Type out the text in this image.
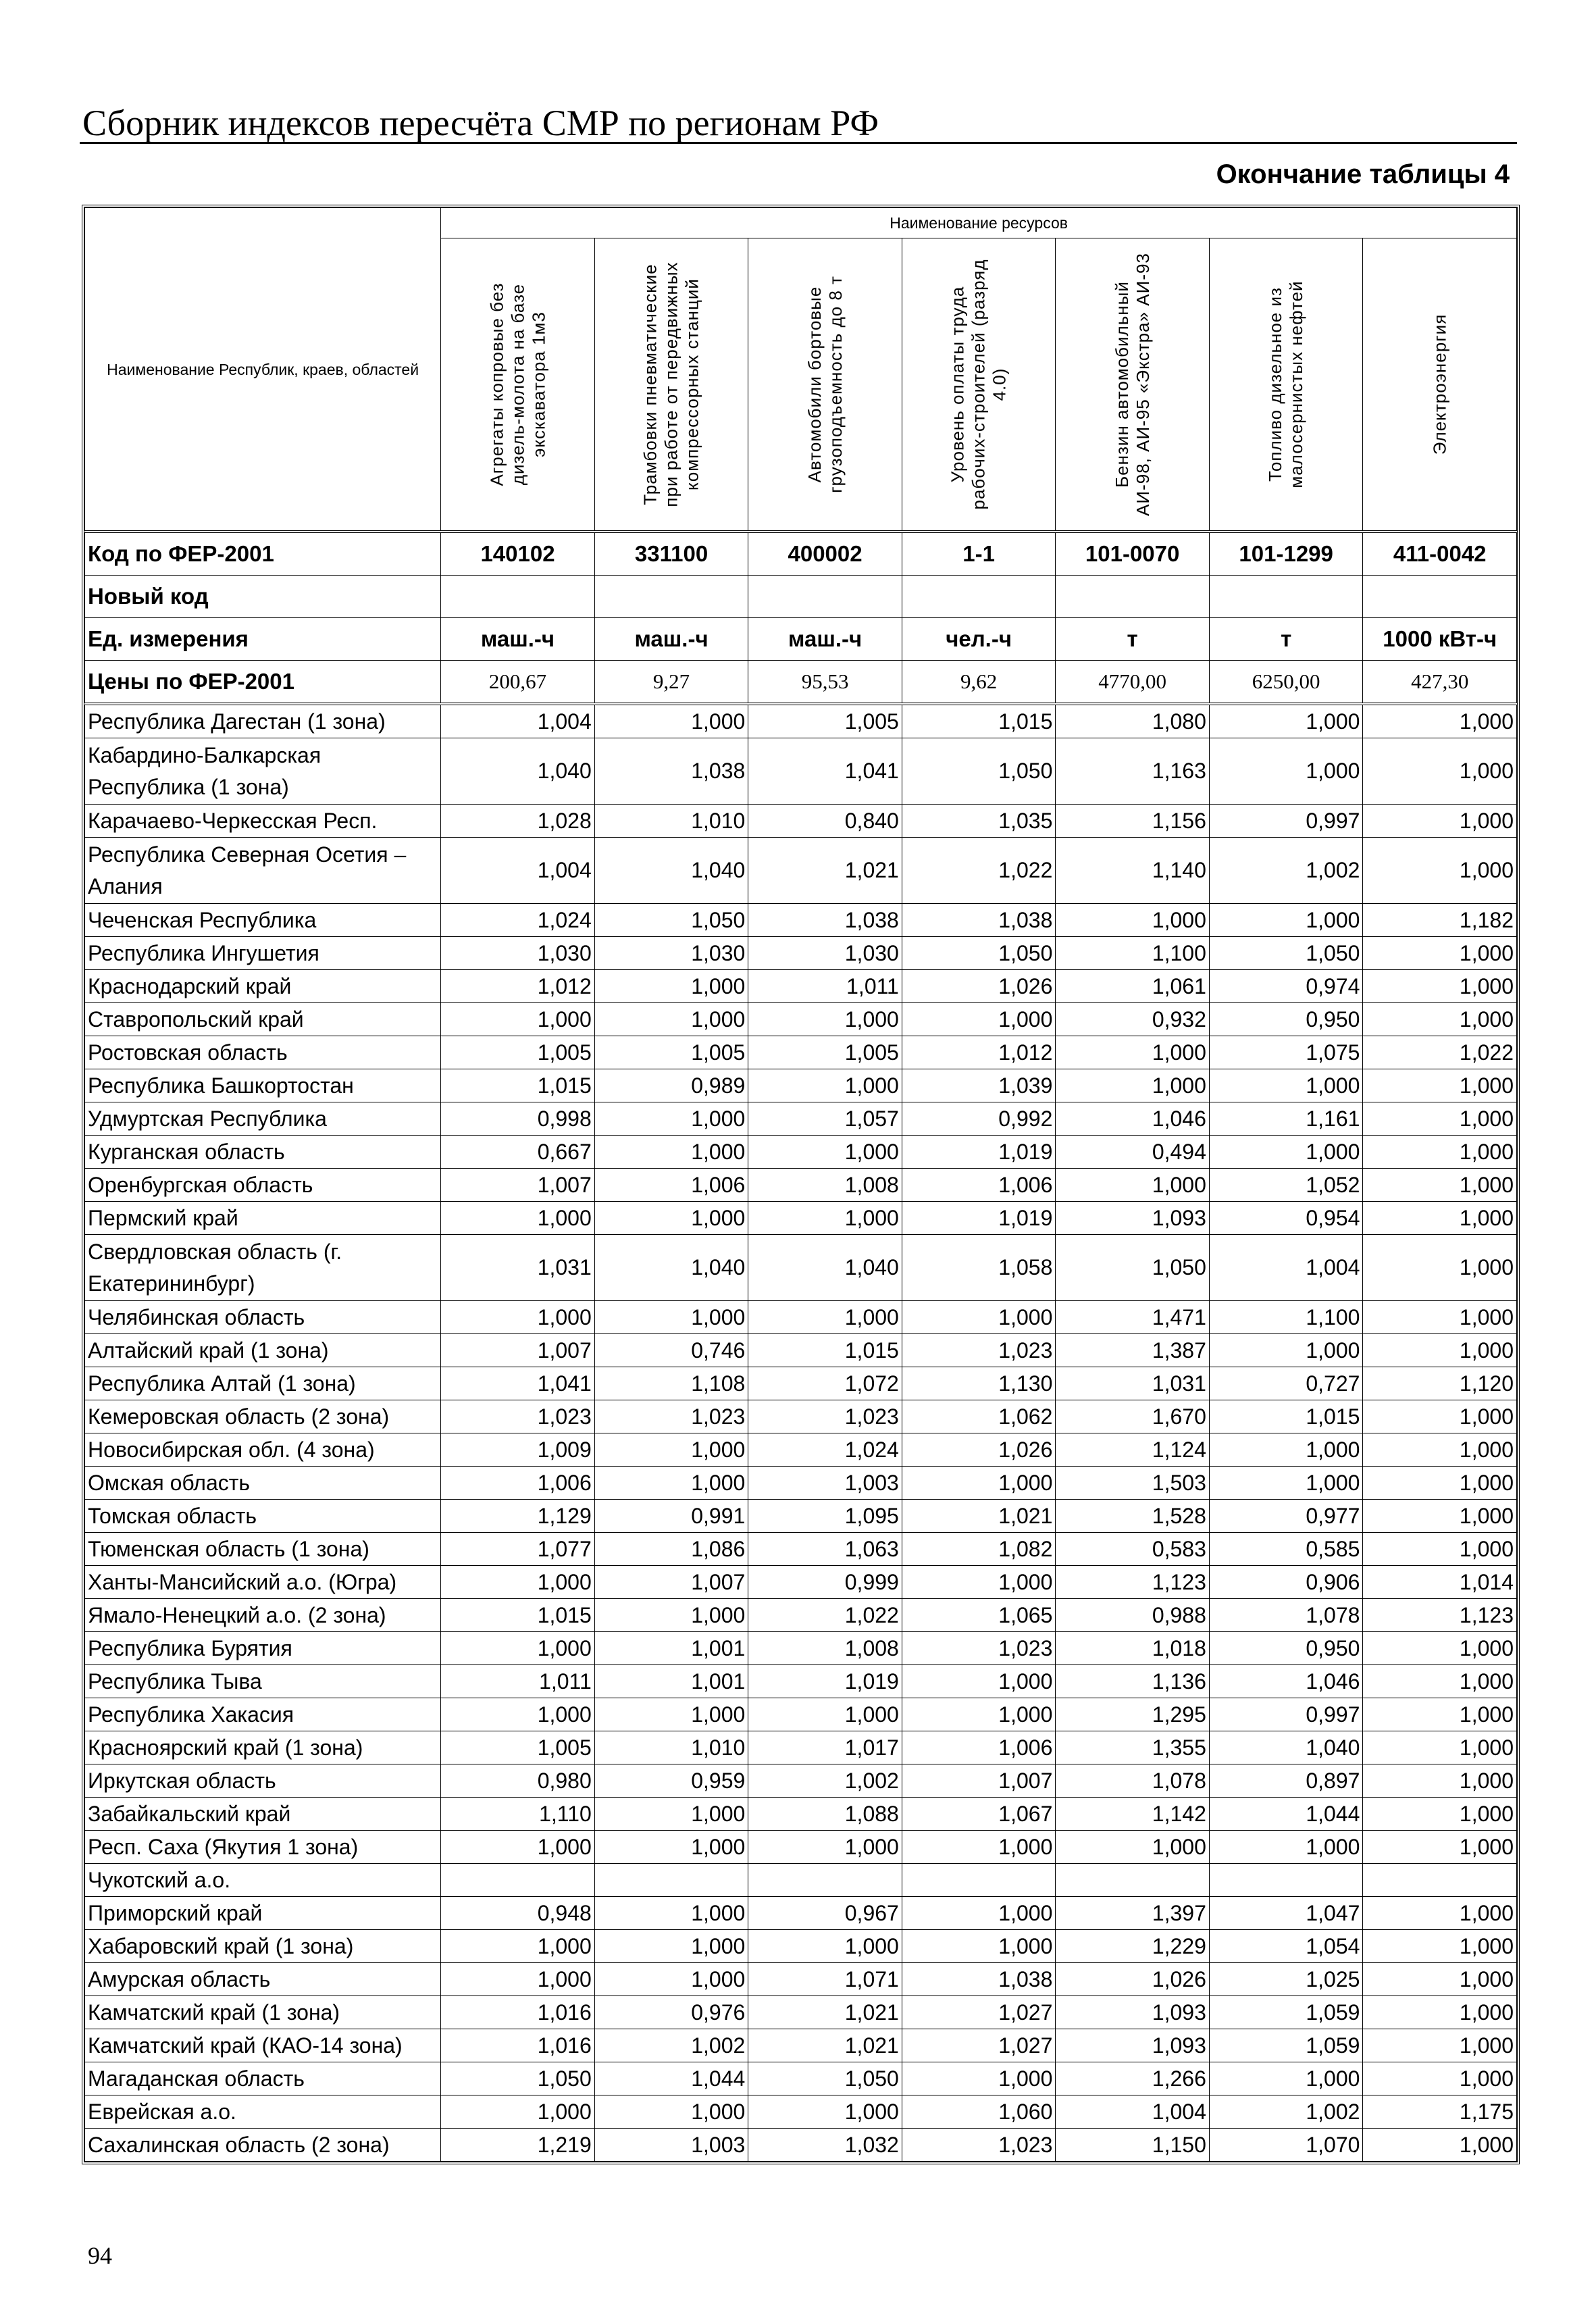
Сборник индексов пересчёта СМР по регионам РФ
Окончание таблицы 4
Наименование Республик, краев, областей	Наименование ресурсов						

	Агрегаты копровые без дизель-молота на базе экскаватора 1м3	Трамбовки пневматические при работе от передвижных компрессорных станций	Автомобили бортовые грузоподъемность до 8 т	Уровень оплаты труда рабочих-строителей (разряд 4.0)	Бензин автомобильный АИ-98, АИ-95 «Экстра» АИ-93	Топливо дизельное из малосернистых нефтей	Электроэнергия

Код по ФЕР-2001	140102	331100	400002	1-1	101-0070	101-1299	411-0042
Новый код							
Ед. измерения	маш.-ч	маш.-ч	маш.-ч	чел.-ч	т	т	1000 кВт-ч
Цены по ФЕР-2001	200,67	9,27	95,53	9,62	4770,00	6250,00	427,30
Республика Дагестан (1 зона)	1,004	1,000	1,005	1,015	1,080	1,000	1,000
Кабардино-Балкарская Республика (1 зона)	1,040	1,038	1,041	1,050	1,163	1,000	1,000
Карачаево-Черкесская Респ.	1,028	1,010	0,840	1,035	1,156	0,997	1,000
Республика Северная Осетия – Алания	1,004	1,040	1,021	1,022	1,140	1,002	1,000
Чеченская Республика	1,024	1,050	1,038	1,038	1,000	1,000	1,182
Республика Ингушетия	1,030	1,030	1,030	1,050	1,100	1,050	1,000
Краснодарский край	1,012	1,000	1,011	1,026	1,061	0,974	1,000
Ставропольский край	1,000	1,000	1,000	1,000	0,932	0,950	1,000
Ростовская область	1,005	1,005	1,005	1,012	1,000	1,075	1,022
Республика Башкортостан	1,015	0,989	1,000	1,039	1,000	1,000	1,000
Удмуртская Республика	0,998	1,000	1,057	0,992	1,046	1,161	1,000
Курганская область	0,667	1,000	1,000	1,019	0,494	1,000	1,000
Оренбургская область	1,007	1,006	1,008	1,006	1,000	1,052	1,000
Пермский край	1,000	1,000	1,000	1,019	1,093	0,954	1,000
Свердловская область (г. Екатерининбург)	1,031	1,040	1,040	1,058	1,050	1,004	1,000
Челябинская область	1,000	1,000	1,000	1,000	1,471	1,100	1,000
Алтайский край (1 зона)	1,007	0,746	1,015	1,023	1,387	1,000	1,000
Республика Алтай (1 зона)	1,041	1,108	1,072	1,130	1,031	0,727	1,120
Кемеровская область (2 зона)	1,023	1,023	1,023	1,062	1,670	1,015	1,000
Новосибирская обл. (4 зона)	1,009	1,000	1,024	1,026	1,124	1,000	1,000
Омская область	1,006	1,000	1,003	1,000	1,503	1,000	1,000
Томская область	1,129	0,991	1,095	1,021	1,528	0,977	1,000
Тюменская область (1 зона)	1,077	1,086	1,063	1,082	0,583	0,585	1,000
Ханты-Мансийский а.о. (Югра)	1,000	1,007	0,999	1,000	1,123	0,906	1,014
Ямало-Ненецкий а.о. (2 зона)	1,015	1,000	1,022	1,065	0,988	1,078	1,123
Республика Бурятия	1,000	1,001	1,008	1,023	1,018	0,950	1,000
Республика Тыва	1,011	1,001	1,019	1,000	1,136	1,046	1,000
Республика Хакасия	1,000	1,000	1,000	1,000	1,295	0,997	1,000
Красноярский край (1 зона)	1,005	1,010	1,017	1,006	1,355	1,040	1,000
Иркутская область	0,980	0,959	1,002	1,007	1,078	0,897	1,000
Забайкальский край	1,110	1,000	1,088	1,067	1,142	1,044	1,000
Респ. Саха (Якутия 1 зона)	1,000	1,000	1,000	1,000	1,000	1,000	1,000
Чукотский а.о.							
Приморский край	0,948	1,000	0,967	1,000	1,397	1,047	1,000
Хабаровский край (1 зона)	1,000	1,000	1,000	1,000	1,229	1,054	1,000
Амурская область	1,000	1,000	1,071	1,038	1,026	1,025	1,000
Камчатский край (1 зона)	1,016	0,976	1,021	1,027	1,093	1,059	1,000
Камчатский край (КАО-14 зона)	1,016	1,002	1,021	1,027	1,093	1,059	1,000
Магаданская область	1,050	1,044	1,050	1,000	1,266	1,000	1,000
Еврейская а.о.	1,000	1,000	1,000	1,060	1,004	1,002	1,175
Сахалинская область (2 зона)	1,219	1,003	1,032	1,023	1,150	1,070	1,000
94
